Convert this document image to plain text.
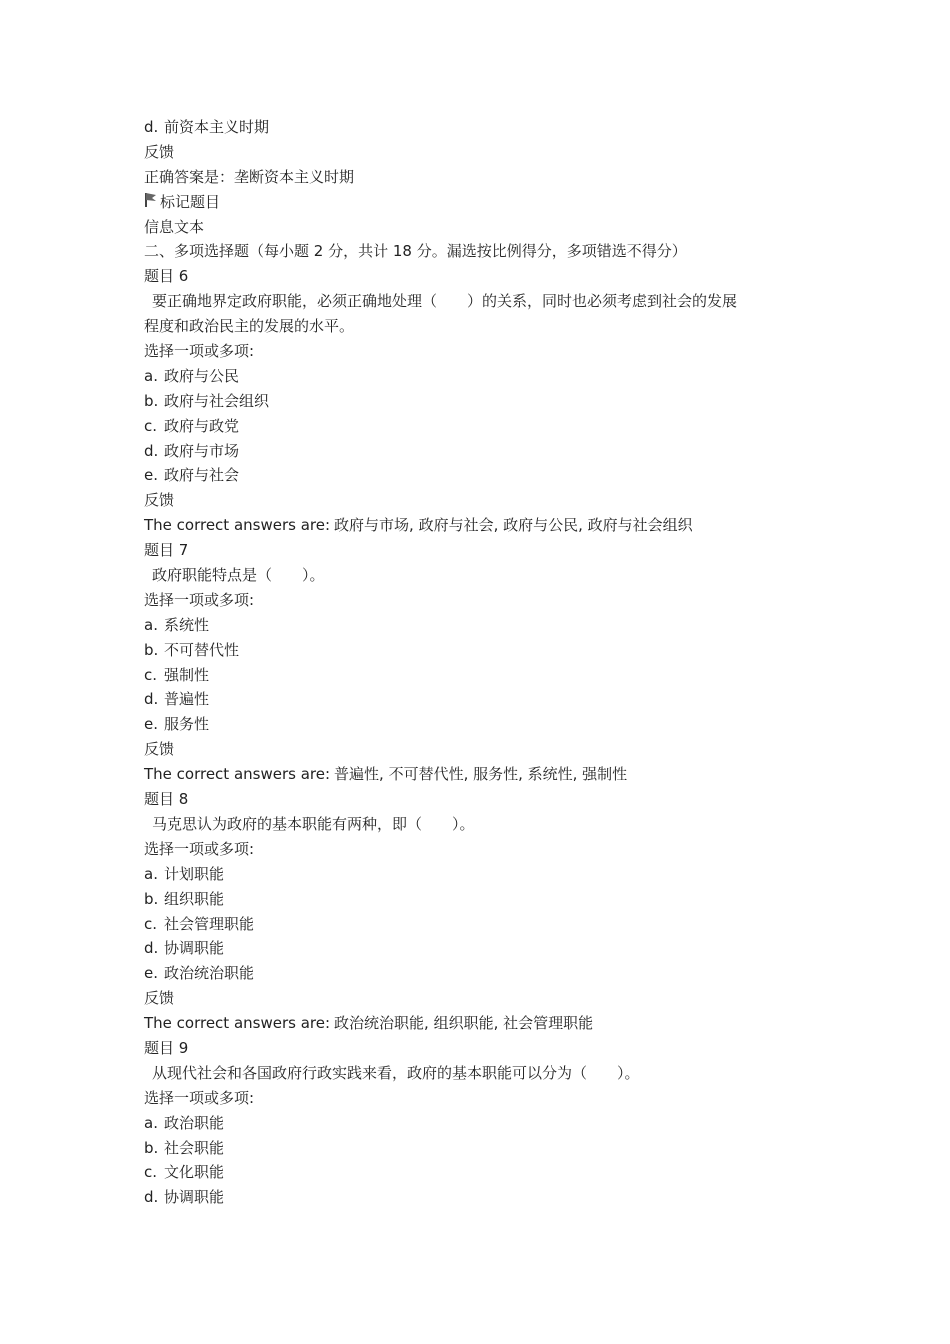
d. 前资本主义时期
反馈
正确答案是：垄断资本主义时期
标记题目
信息文本
二、多项选择题（每小题 2 分，共计 18 分。漏选按比例得分，多项错选不得分）
题目 6
要正确地界定政府职能，必须正确地处理（　　）的关系，同时也必须考虑到社会的发展
程度和政治民主的发展的水平。
选择一项或多项:
a. 政府与公民
b. 政府与社会组织
c. 政府与政党
d. 政府与市场
e. 政府与社会
反馈
The correct answers are: 政府与市场, 政府与社会, 政府与公民, 政府与社会组织
题目 7
政府职能特点是（　　）。
选择一项或多项:
a. 系统性
b. 不可替代性
c. 强制性
d. 普遍性
e. 服务性
反馈
The correct answers are: 普遍性, 不可替代性, 服务性, 系统性, 强制性
题目 8
马克思认为政府的基本职能有两种，即（　　）。
选择一项或多项:
a. 计划职能
b. 组织职能
c. 社会管理职能
d. 协调职能
e. 政治统治职能
反馈
The correct answers are: 政治统治职能, 组织职能, 社会管理职能
题目 9
从现代社会和各国政府行政实践来看，政府的基本职能可以分为（　　）。
选择一项或多项:
a. 政治职能
b. 社会职能
c. 文化职能
d. 协调职能
